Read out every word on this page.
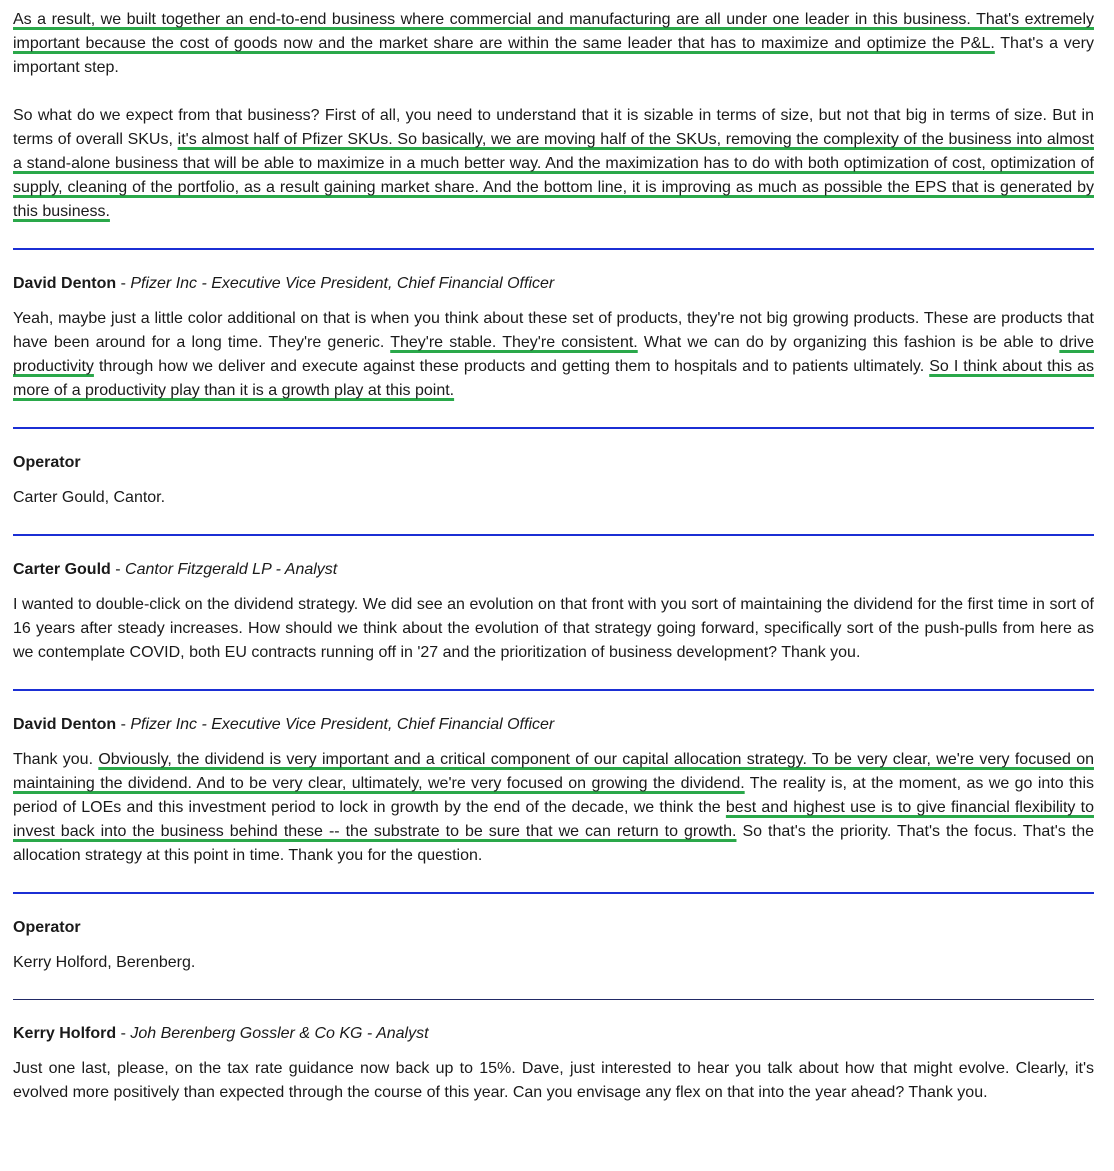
As a result, we built together an end-to-end business where commercial and manufacturing are all under one leader in this business. That's extremely important because the cost of goods now and the market share are within the same leader that has to maximize and optimize the P&L. That's a very important step.

So what do we expect from that business? First of all, you need to understand that it is sizable in terms of size, but not that big in terms of size. But in terms of overall SKUs, it's almost half of Pfizer SKUs. So basically, we are moving half of the SKUs, removing the complexity of the business into almost a stand-alone business that will be able to maximize in a much better way. And the maximization has to do with both optimization of cost, optimization of supply, cleaning of the portfolio, as a result gaining market share. And the bottom line, it is improving as much as possible the EPS that is generated by this business.

David Denton - Pfizer Inc - Executive Vice President, Chief Financial Officer

Yeah, maybe just a little color additional on that is when you think about these set of products, they're not big growing products. These are products that have been around for a long time. They're generic. They're stable. They're consistent. What we can do by organizing this fashion is be able to drive productivity through how we deliver and execute against these products and getting them to hospitals and to patients ultimately. So I think about this as more of a productivity play than it is a growth play at this point.

Operator

Carter Gould, Cantor.

Carter Gould - Cantor Fitzgerald LP - Analyst

I wanted to double-click on the dividend strategy. We did see an evolution on that front with you sort of maintaining the dividend for the first time in sort of 16 years after steady increases. How should we think about the evolution of that strategy going forward, specifically sort of the push-pulls from here as we contemplate COVID, both EU contracts running off in '27 and the prioritization of business development? Thank you.

David Denton - Pfizer Inc - Executive Vice President, Chief Financial Officer

Thank you. Obviously, the dividend is very important and a critical component of our capital allocation strategy. To be very clear, we're very focused on maintaining the dividend. And to be very clear, ultimately, we're very focused on growing the dividend. The reality is, at the moment, as we go into this period of LOEs and this investment period to lock in growth by the end of the decade, we think the best and highest use is to give financial flexibility to invest back into the business behind these -- the substrate to be sure that we can return to growth. So that's the priority. That's the focus. That's the allocation strategy at this point in time. Thank you for the question.

Operator

Kerry Holford, Berenberg.

Kerry Holford - Joh Berenberg Gossler & Co KG - Analyst

Just one last, please, on the tax rate guidance now back up to 15%. Dave, just interested to hear you talk about how that might evolve. Clearly, it's evolved more positively than expected through the course of this year. Can you envisage any flex on that into the year ahead? Thank you.
